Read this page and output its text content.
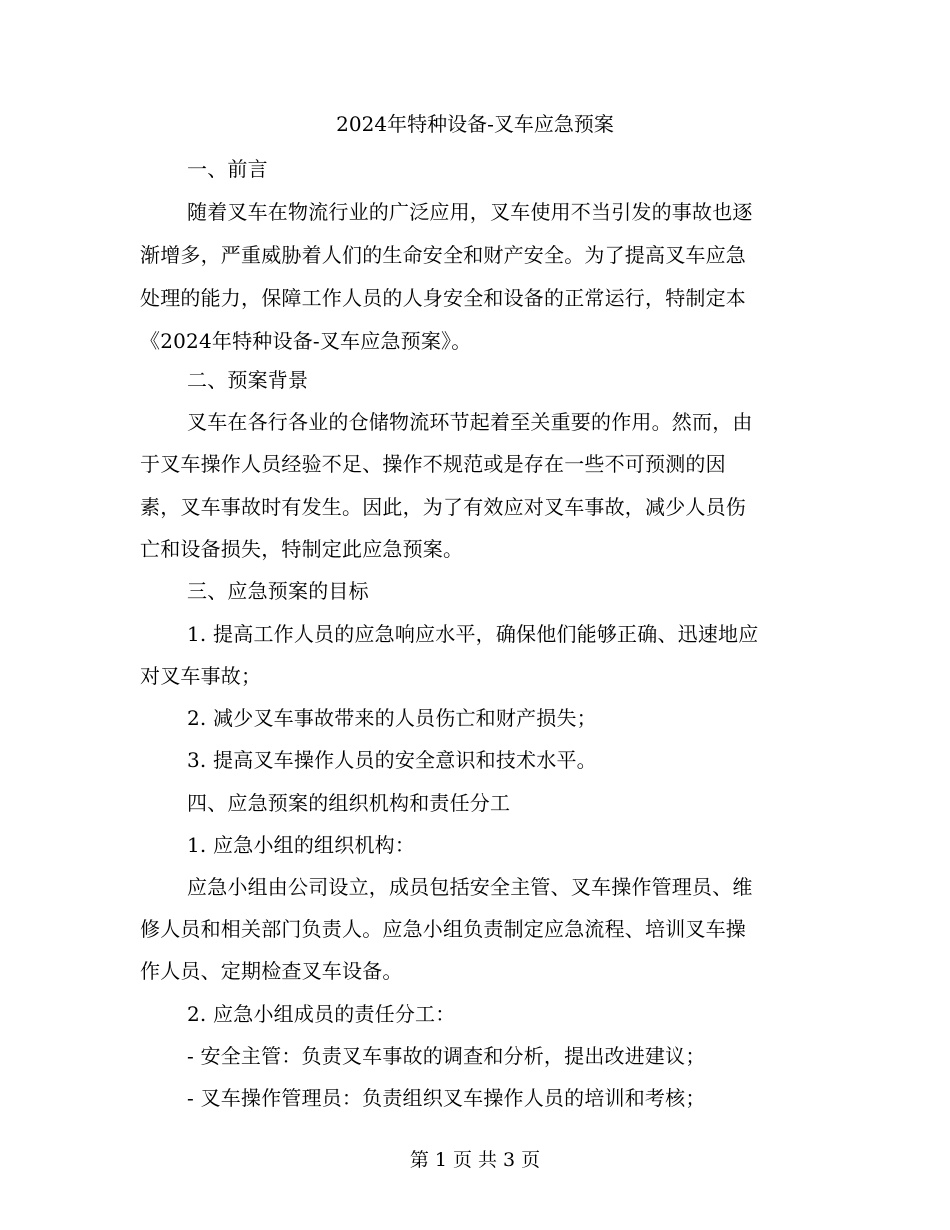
2024年特种设备-叉车应急预案
一、前言
随着叉车在物流行业的广泛应用，叉车使用不当引发的事故也逐
渐增多，严重威胁着人们的生命安全和财产安全。为了提高叉车应急
处理的能力，保障工作人员的人身安全和设备的正常运行，特制定本
《2024年特种设备-叉车应急预案》。
二、预案背景
叉车在各行各业的仓储物流环节起着至关重要的作用。然而，由
于叉车操作人员经验不足、操作不规范或是存在一些不可预测的因
素，叉车事故时有发生。因此，为了有效应对叉车事故，减少人员伤
亡和设备损失，特制定此应急预案。
三、应急预案的目标
1. 提高工作人员的应急响应水平，确保他们能够正确、迅速地应
对叉车事故；
2. 减少叉车事故带来的人员伤亡和财产损失；
3. 提高叉车操作人员的安全意识和技术水平。
四、应急预案的组织机构和责任分工
1. 应急小组的组织机构：
应急小组由公司设立，成员包括安全主管、叉车操作管理员、维
修人员和相关部门负责人。应急小组负责制定应急流程、培训叉车操
作人员、定期检查叉车设备。
2. 应急小组成员的责任分工：
- 安全主管：负责叉车事故的调查和分析，提出改进建议；
- 叉车操作管理员：负责组织叉车操作人员的培训和考核；
第 1 页 共 3 页
